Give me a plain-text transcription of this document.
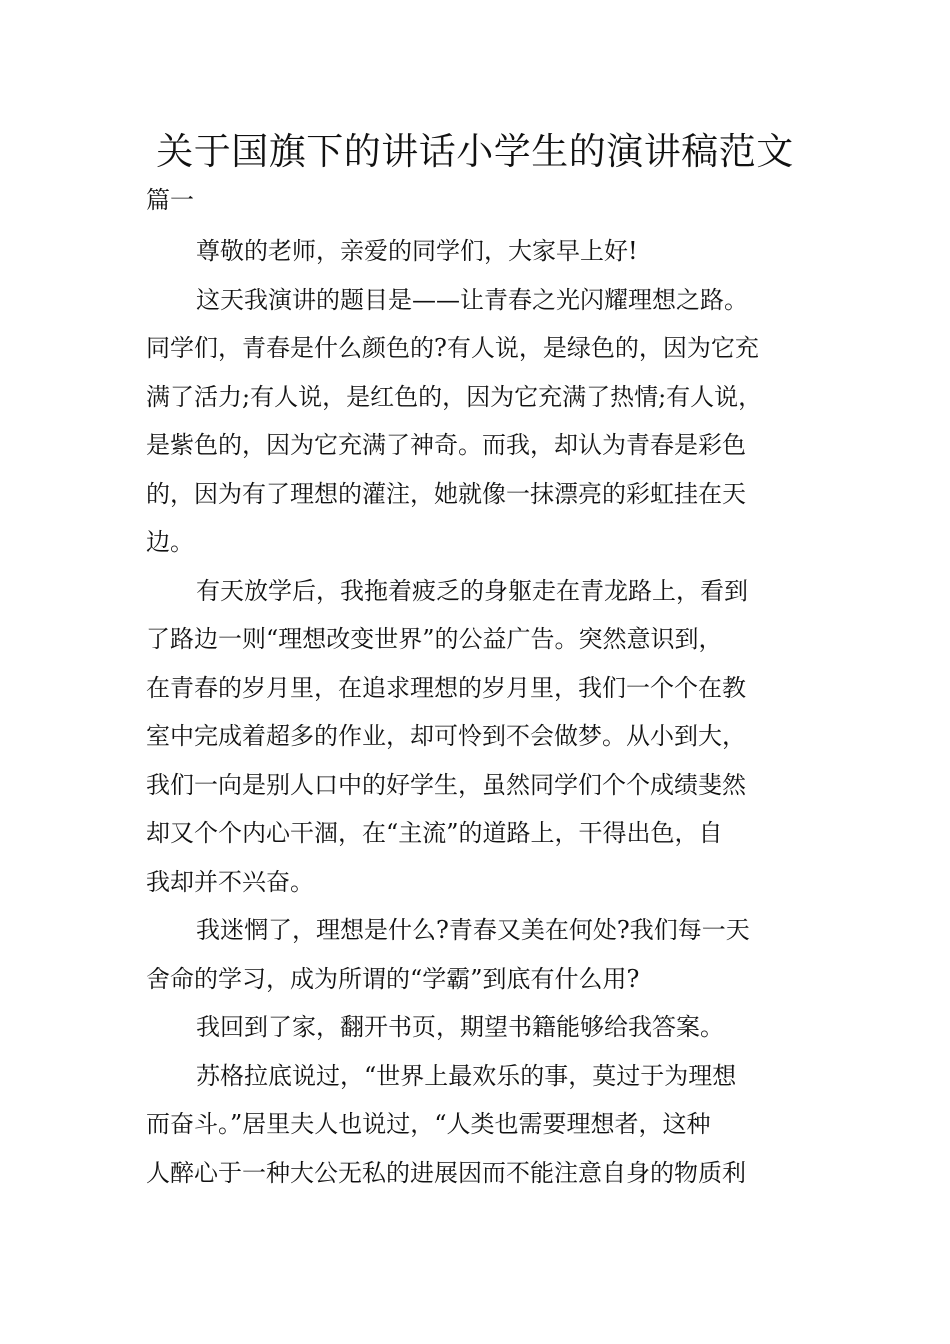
关于国旗下的讲话小学生的演讲稿范文
篇一
尊敬的老师，亲爱的同学们，大家早上好!
这天我演讲的题目是——让青春之光闪耀理想之路。
同学们，青春是什么颜色的?有人说，是绿色的，因为它充
满了活力;有人说，是红色的，因为它充满了热情;有人说，
是紫色的，因为它充满了神奇。而我，却认为青春是彩色
的，因为有了理想的灌注，她就像一抹漂亮的彩虹挂在天
边。
有天放学后，我拖着疲乏的身躯走在青龙路上，看到
了路边一则“理想改变世界”的公益广告。突然意识到，
在青春的岁月里，在追求理想的岁月里，我们一个个在教
室中完成着超多的作业，却可怜到不会做梦。从小到大，
我们一向是别人口中的好学生，虽然同学们个个成绩斐然
却又个个内心干涸，在“主流”的道路上，干得出色，自
我却并不兴奋。
我迷惘了，理想是什么?青春又美在何处?我们每一天
舍命的学习，成为所谓的“学霸”到底有什么用?
我回到了家，翻开书页，期望书籍能够给我答案。
苏格拉底说过，“世界上最欢乐的事，莫过于为理想
而奋斗。”居里夫人也说过，“人类也需要理想者，这种
人醉心于一种大公无私的进展因而不能注意自身的物质利
